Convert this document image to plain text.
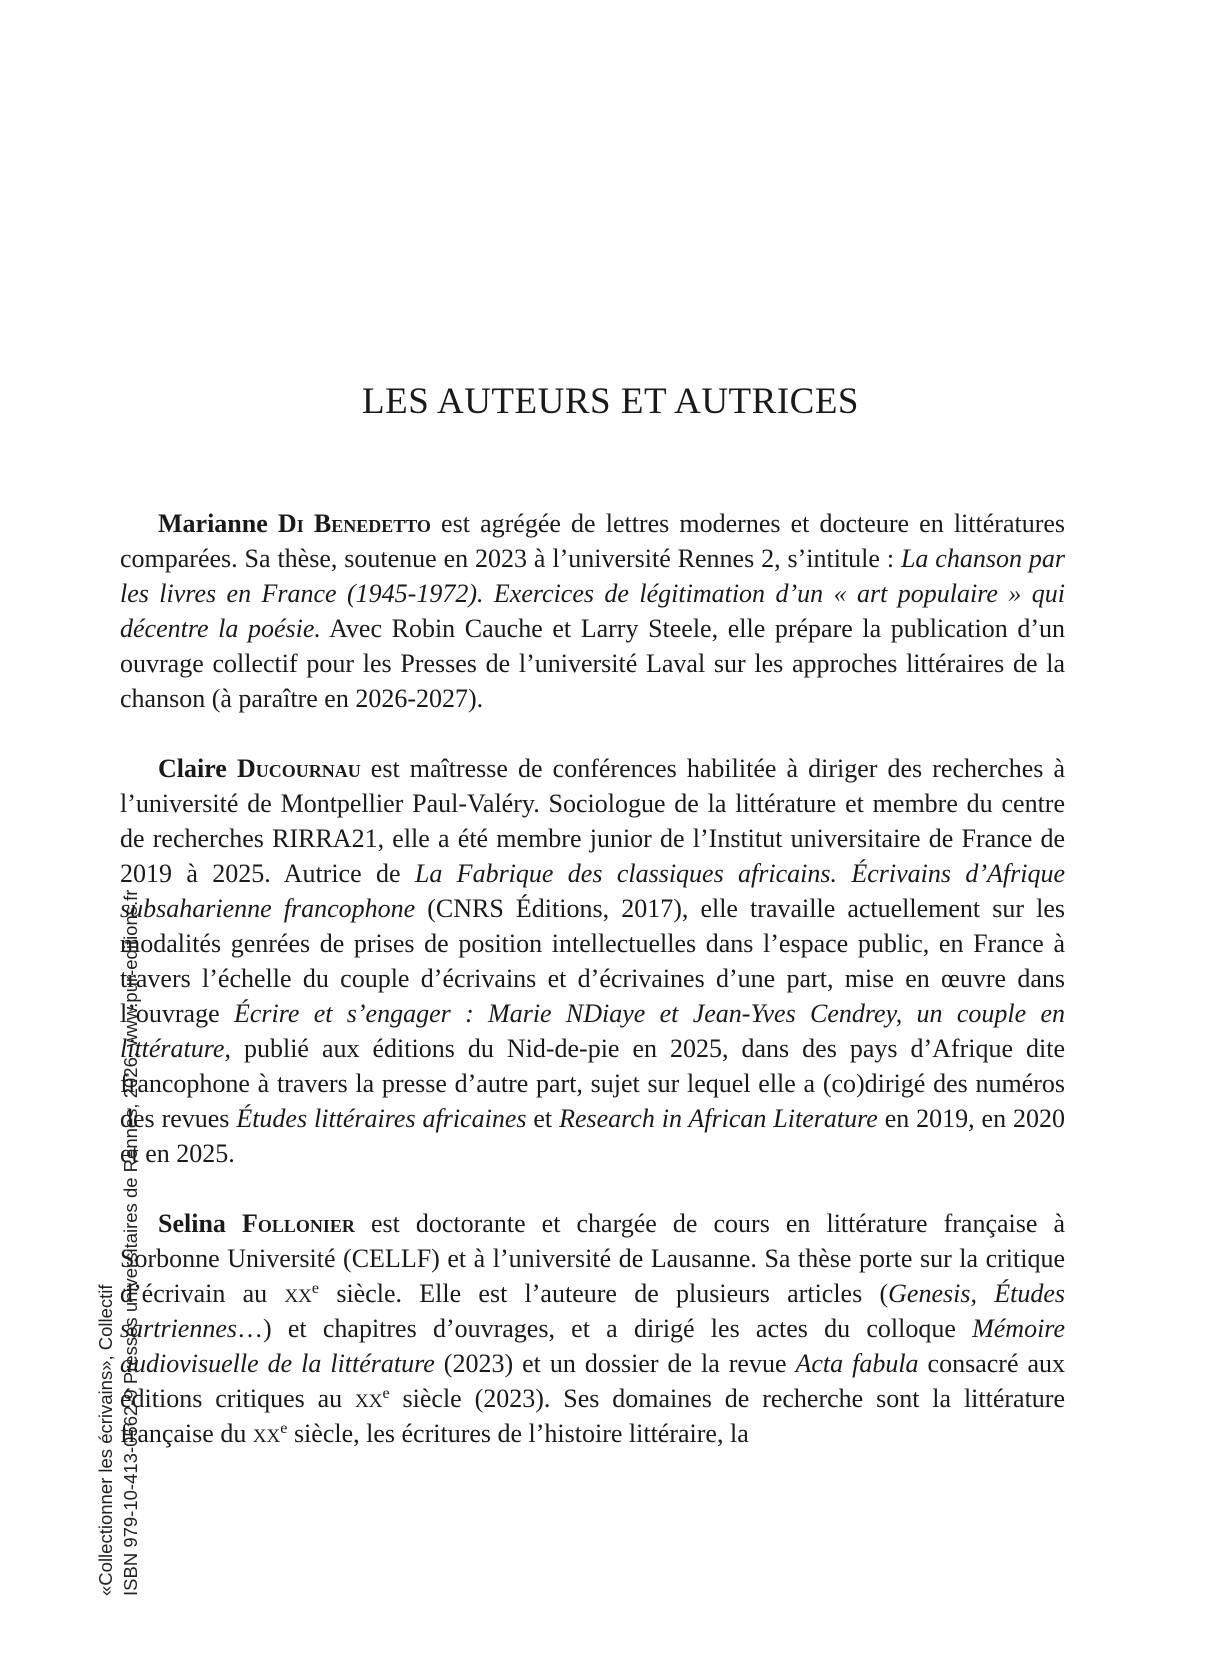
LES AUTEURS ET AUTRICES

Marianne Di Benedetto est agrégée de lettres modernes et docteure en littératures comparées. Sa thèse, soutenue en 2023 à l’université Rennes 2, s’intitule : La chanson par les livres en France (1945-1972). Exercices de légitimation d’un « art populaire » qui décentre la poésie. Avec Robin Cauche et Larry Steele, elle prépare la publication d’un ouvrage collectif pour les Presses de l’université Laval sur les approches littéraires de la chanson (à paraître en 2026-2027).

Claire Ducournau est maîtresse de conférences habilitée à diriger des recherches à l’université de Montpellier Paul-Valéry. Sociologue de la littérature et membre du centre de recherches RIRRA21, elle a été membre junior de l’Institut universitaire de France de 2019 à 2025. Autrice de La Fabrique des classiques africains. Écrivains d’Afrique subsaharienne francophone (CNRS Éditions, 2017), elle travaille actuellement sur les modalités genrées de prises de position intellectuelles dans l’espace public, en France à travers l’échelle du couple d’écrivains et d’écrivaines d’une part, mise en œuvre dans l’ouvrage Écrire et s’engager : Marie NDiaye et Jean-Yves Cendrey, un couple en littérature, publié aux éditions du Nid-de-pie en 2025, dans des pays d’Afrique dite francophone à travers la presse d’autre part, sujet sur lequel elle a (co)dirigé des numéros des revues Études littéraires africaines et Research in African Literature en 2019, en 2020 et en 2025.

Selina Follonier est doctorante et chargée de cours en littérature française à Sorbonne Université (CELLF) et à l’université de Lausanne. Sa thèse porte sur la critique d’écrivain au $xx^e$ siècle. Elle est l’auteure de plusieurs articles (Genesis, Études sartriennes…) et chapitres d’ouvrages, et a dirigé les actes du colloque Mémoire audiovisuelle de la littérature (2023) et un dossier de la revue Acta fabula consacré aux éditions critiques au $xx^e$ siècle (2023). Ses domaines de recherche sont la littérature française du $xx^e$ siècle, les écritures de l’histoire littéraire, la

«Collectionner les écrivains», Collectif ISBN 979-10-413-0562-9 Presses universitaires de Rennes, 2026, www.pur-editions.fr
